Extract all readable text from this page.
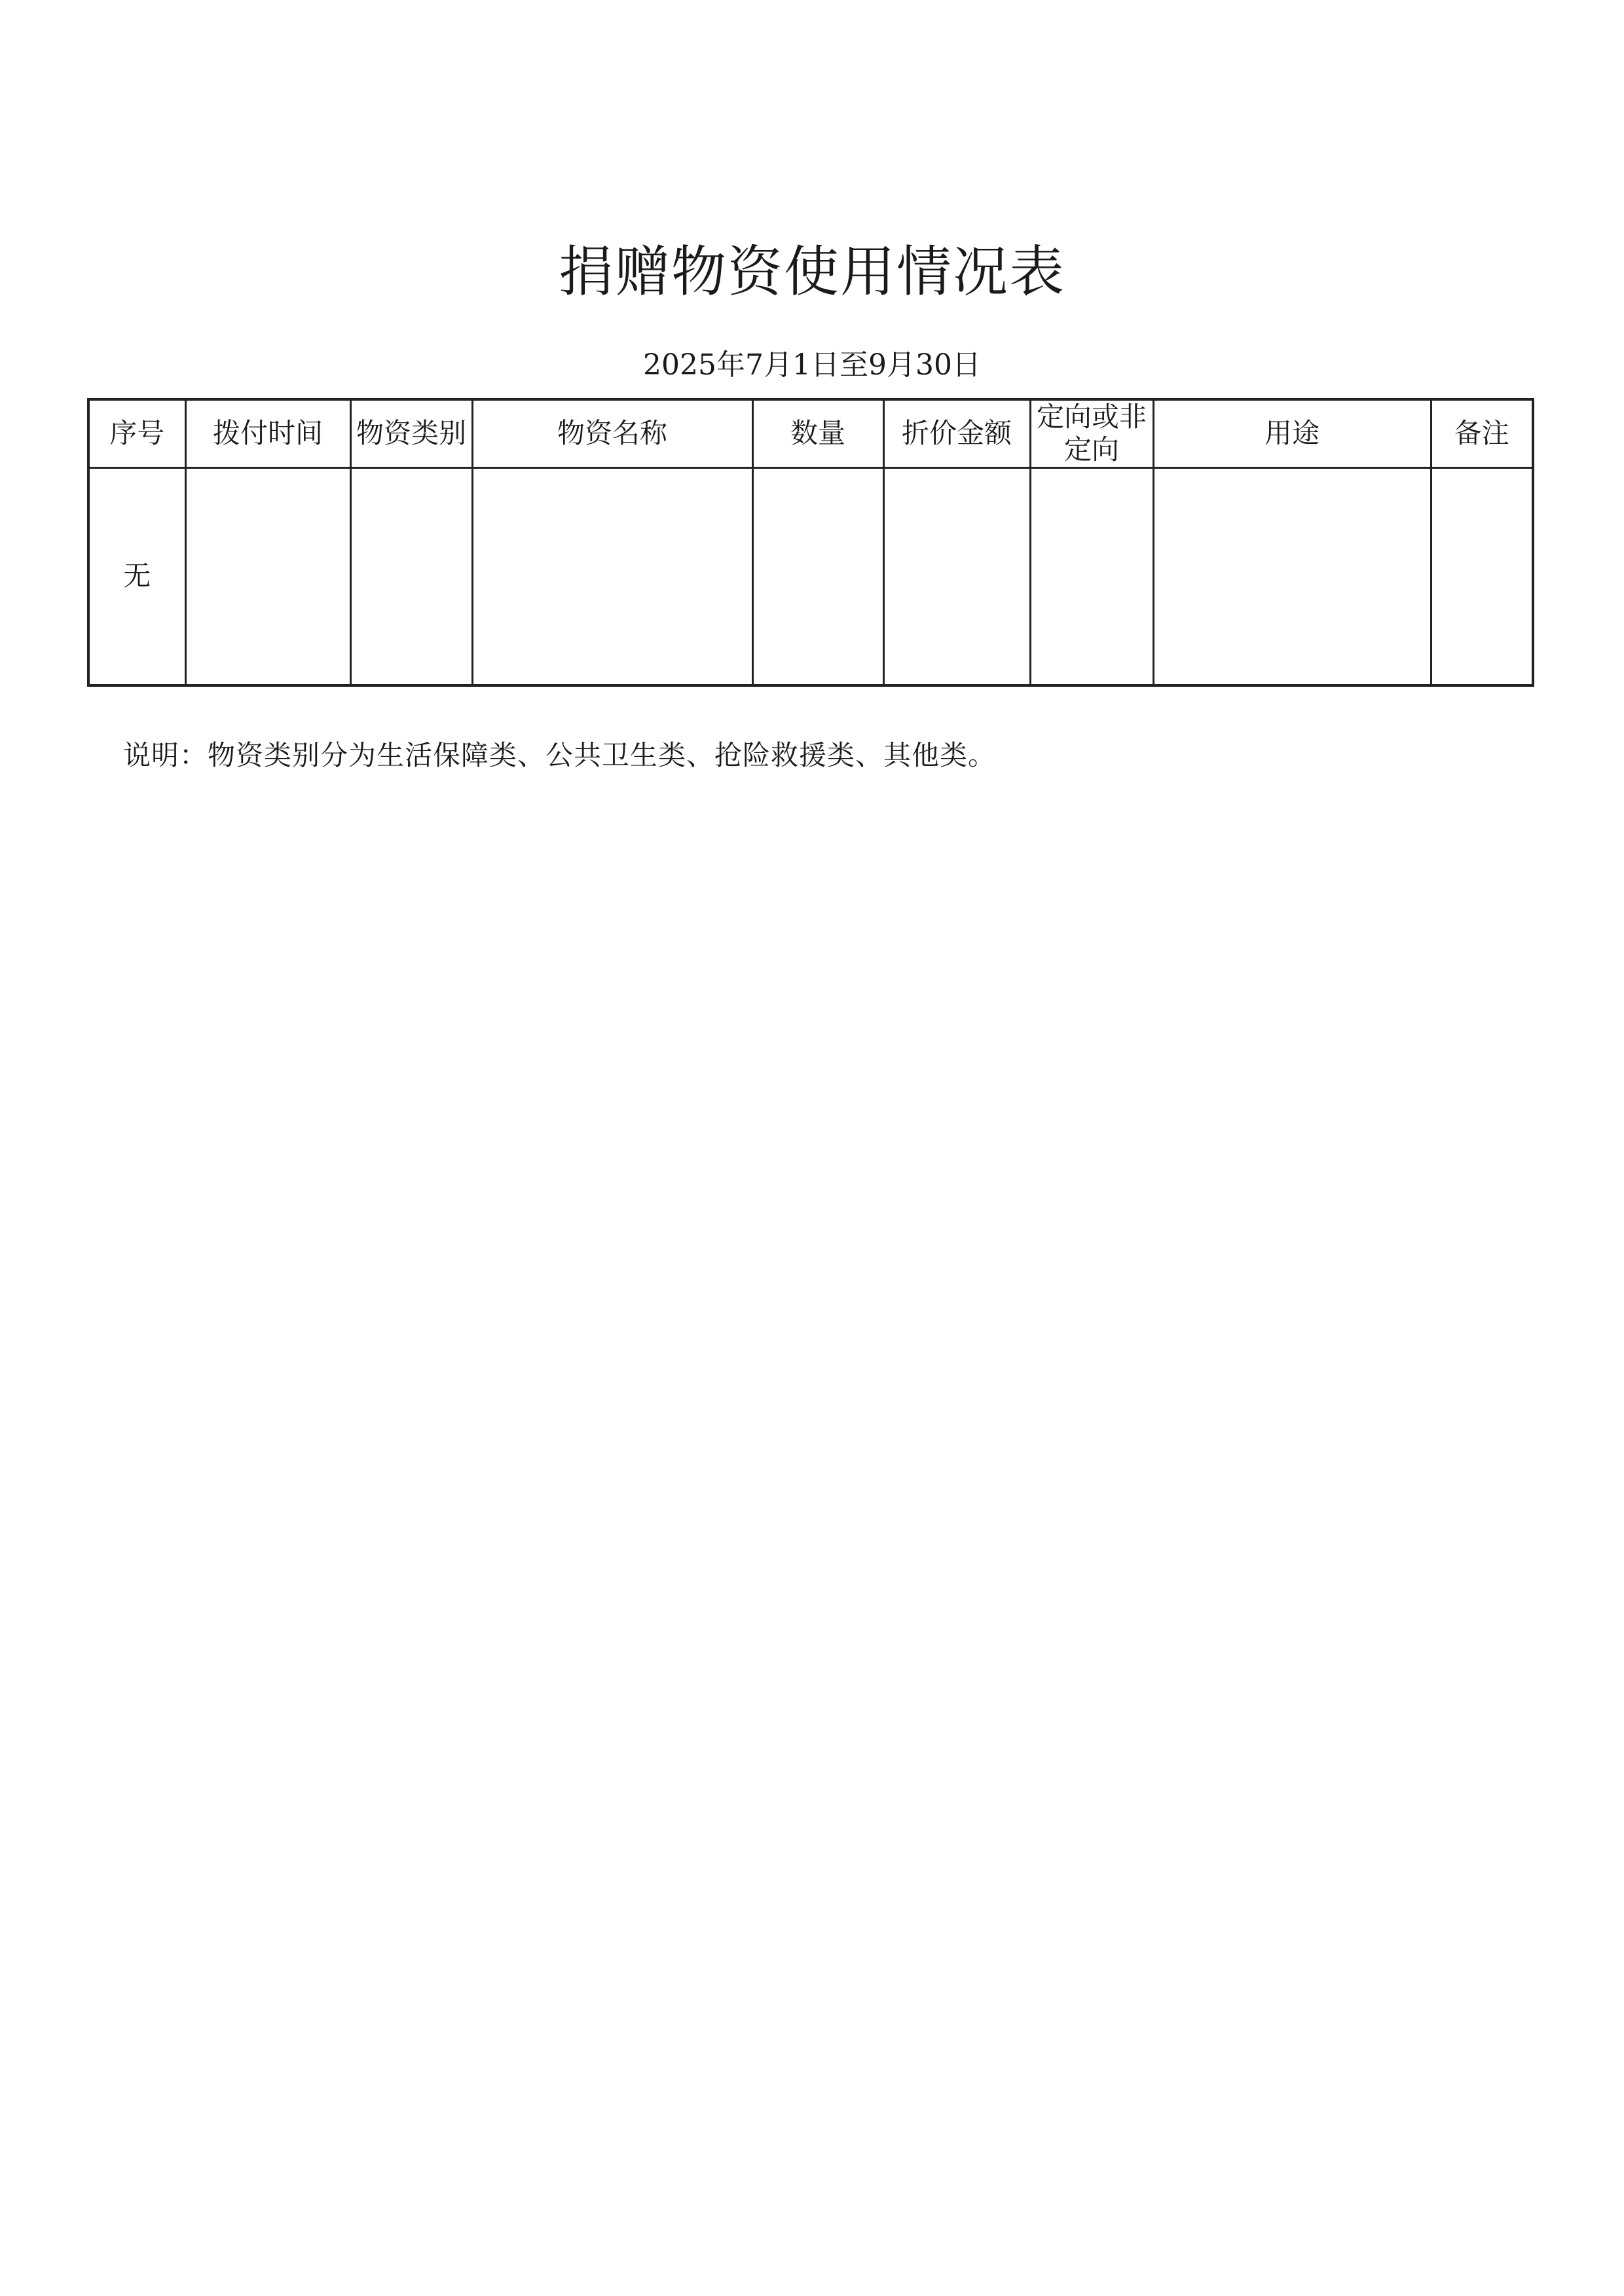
捐赠物资使用情况表
2025年7月1日至9月30日
序号	拨付时间	物资类别	物资名称	数量	折价金额	定向或非定向	用途	备注
无								
说明：物资类别分为生活保障类、公共卫生类、抢险救援类、其他类。
